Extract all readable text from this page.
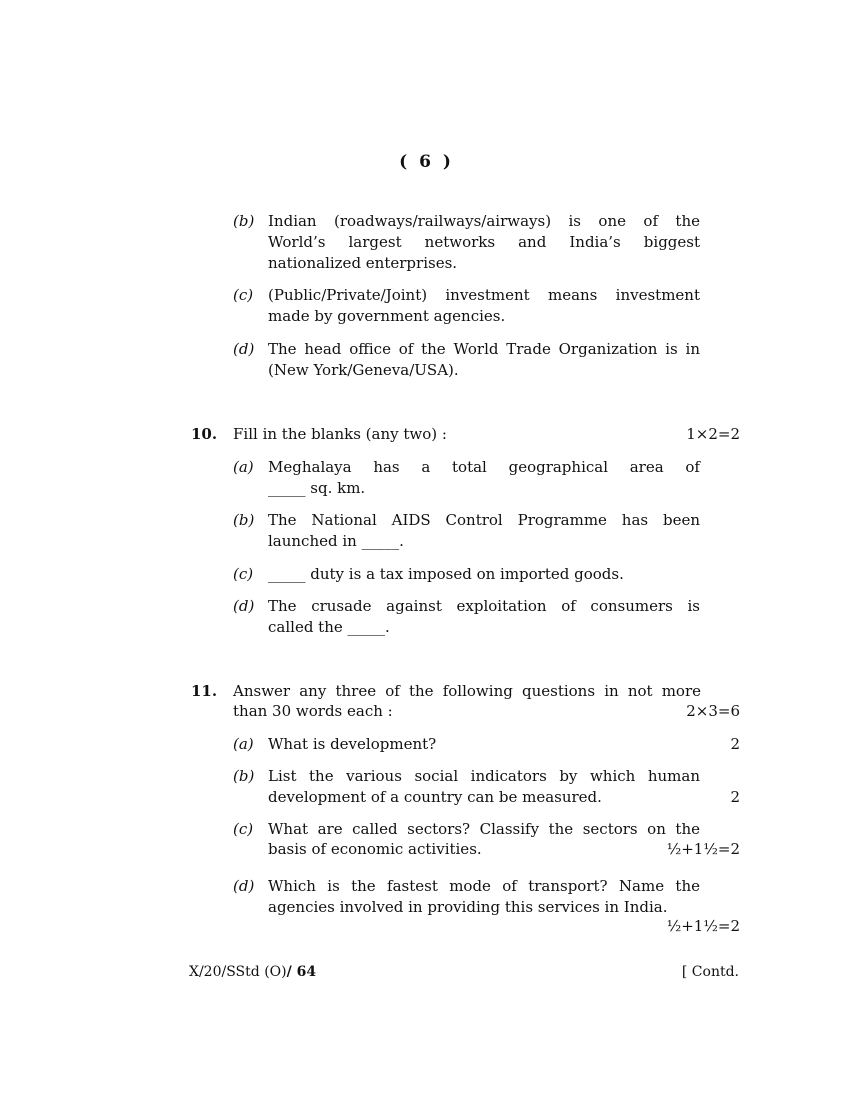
( 6 )
X/20/SStd (O)/ 64	[ Contd.
(b) Indian (roadways/railways/airways) is one of the
World’s largest networks and India’s biggest
nationalized enterprises.
(c) (Public/Private/Joint) investment means investment
made by government agencies.
(d) The head office of the World Trade Organization is in
(New York/Geneva/USA).
10. Fill in the blanks (any two) :	1×2=2
(a) Meghalaya has a total geographical area of
_____ sq. km.
(b) The National AIDS Control Programme has been
launched in _____.
(c) _____ duty is a tax imposed on imported goods.
(d) The crusade against exploitation of consumers is
called the _____.
11. Answer any three of the following questions in not more
than 30 words each :	2×3=6
(a) What is development?	2
(b) List the various social indicators by which human
development of a country can be measured.	2
(c) What are called sectors? Classify the sectors on the
basis of economic activities.	½+1½=2
(d) Which is the fastest mode of transport? Name the
agencies involved in providing this services in India.
½+1½=2
